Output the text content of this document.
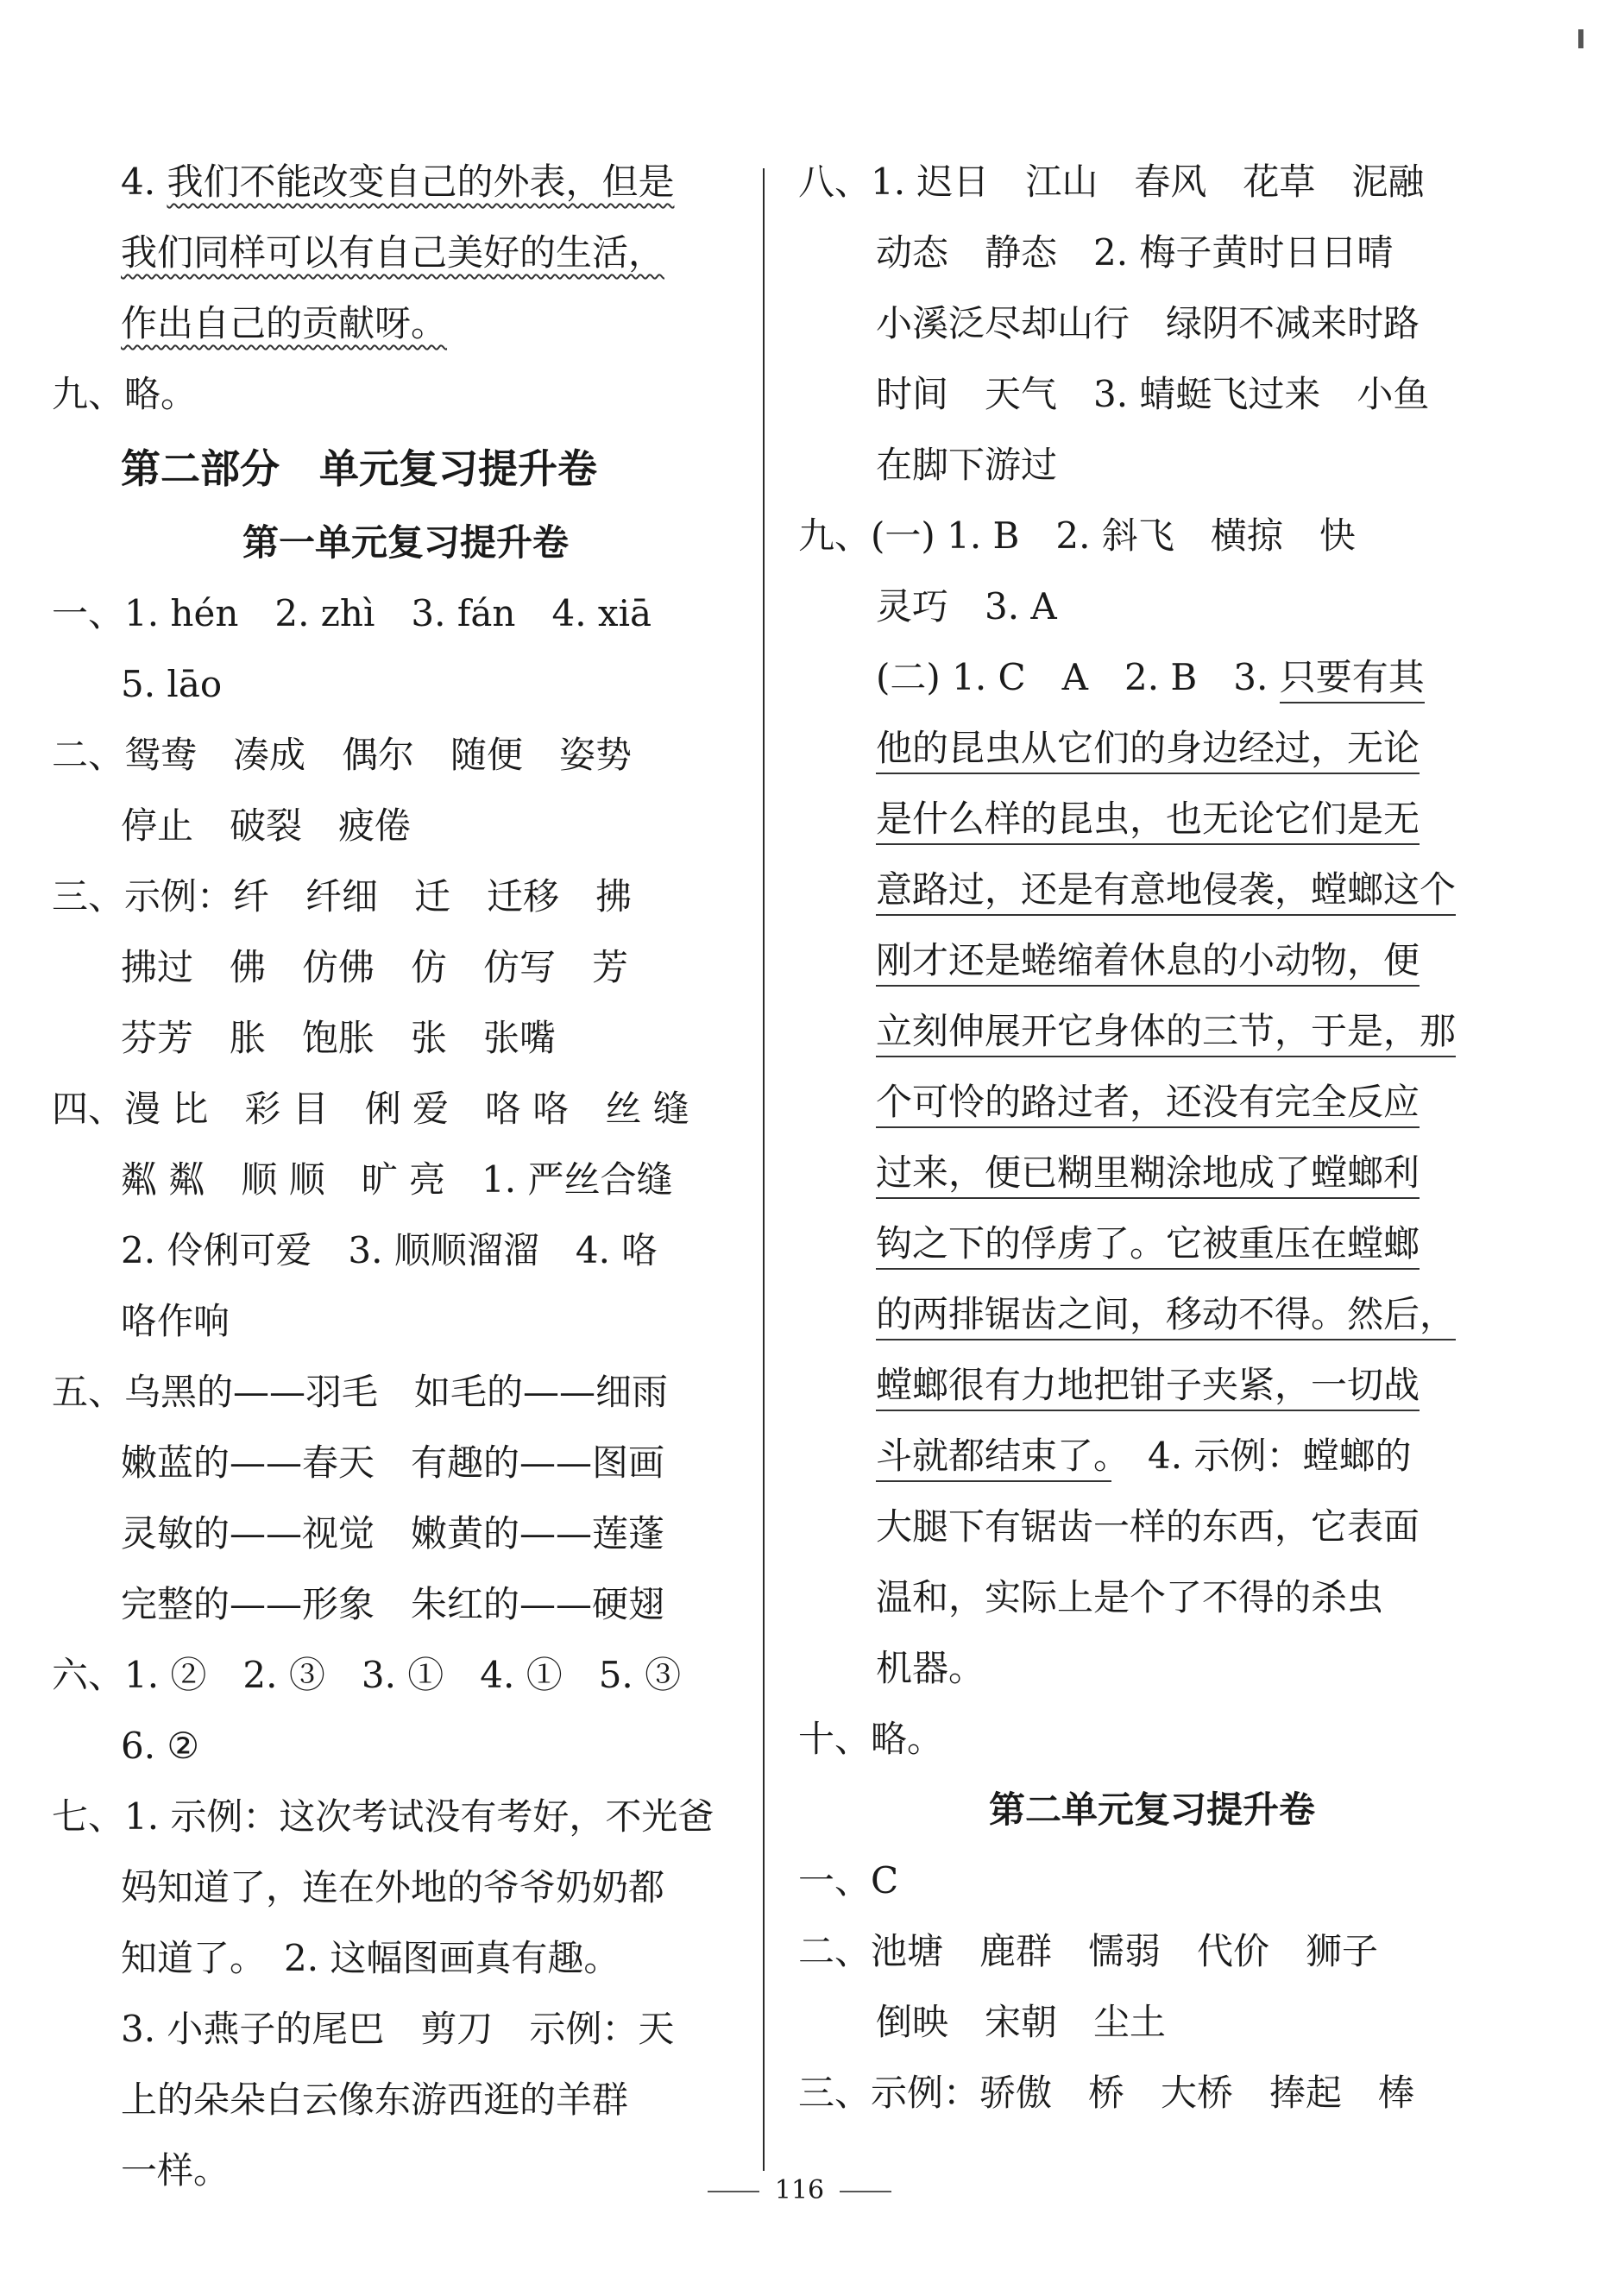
4. 我们不能改变自己的外表，但是
我们同样可以有自己美好的生活，
作出自己的贡献呀。
九、略。
第二部分　单元复习提升卷
第一单元复习提升卷
一、1. hén　2. zhì　3. fán　4. xiā
5. lāo
二、鸳鸯　凑成　偶尔　随便　姿势
停止　破裂　疲倦
三、示例：纤　纤细　迁　迁移　拂
拂过　佛　仿佛　仿　仿写　芳
芬芳　胀　饱胀　张　张嘴
四、漫 比　彩 目　俐 爱　咯 咯　丝 缝
粼 粼　顺 顺　旷 亮　1. 严丝合缝
2. 伶俐可爱　3. 顺顺溜溜　4. 咯
咯作响
五、乌黑的——羽毛　如毛的——细雨
嫩蓝的——春天　有趣的——图画
灵敏的——视觉　嫩黄的——莲蓬
完整的——形象　朱红的——硬翅
六、1. ②　2. ③　3. ①　4. ①　5. ③
6. ②
七、1. 示例：这次考试没有考好，不光爸
妈知道了，连在外地的爷爷奶奶都
知道了。　2. 这幅图画真有趣。
3. 小燕子的尾巴　剪刀　示例：天
上的朵朵白云像东游西逛的羊群
一样。
八、1. 迟日　江山　春风　花草　泥融
动态　静态　2. 梅子黄时日日晴
小溪泛尽却山行　绿阴不减来时路
时间　天气　3. 蜻蜓飞过来　小鱼
在脚下游过
九、(一) 1. B　2. 斜飞　横掠　快
灵巧　3. A
(二) 1. C　A　2. B　3. 只要有其
他的昆虫从它们的身边经过，无论
是什么样的昆虫，也无论它们是无
意路过，还是有意地侵袭，螳螂这个
刚才还是蜷缩着休息的小动物，便
立刻伸展开它身体的三节，于是，那
个可怜的路过者，还没有完全反应
过来，便已糊里糊涂地成了螳螂利
钩之下的俘虏了。它被重压在螳螂
的两排锯齿之间，移动不得。然后，
螳螂很有力地把钳子夹紧，一切战
斗就都结束了。　4. 示例：螳螂的
大腿下有锯齿一样的东西，它表面
温和，实际上是个了不得的杀虫
机器。
十、略。
第二单元复习提升卷
一、C
二、池塘　鹿群　懦弱　代价　狮子
倒映　宋朝　尘土
三、示例：骄傲　桥　大桥　捧起　棒
116
